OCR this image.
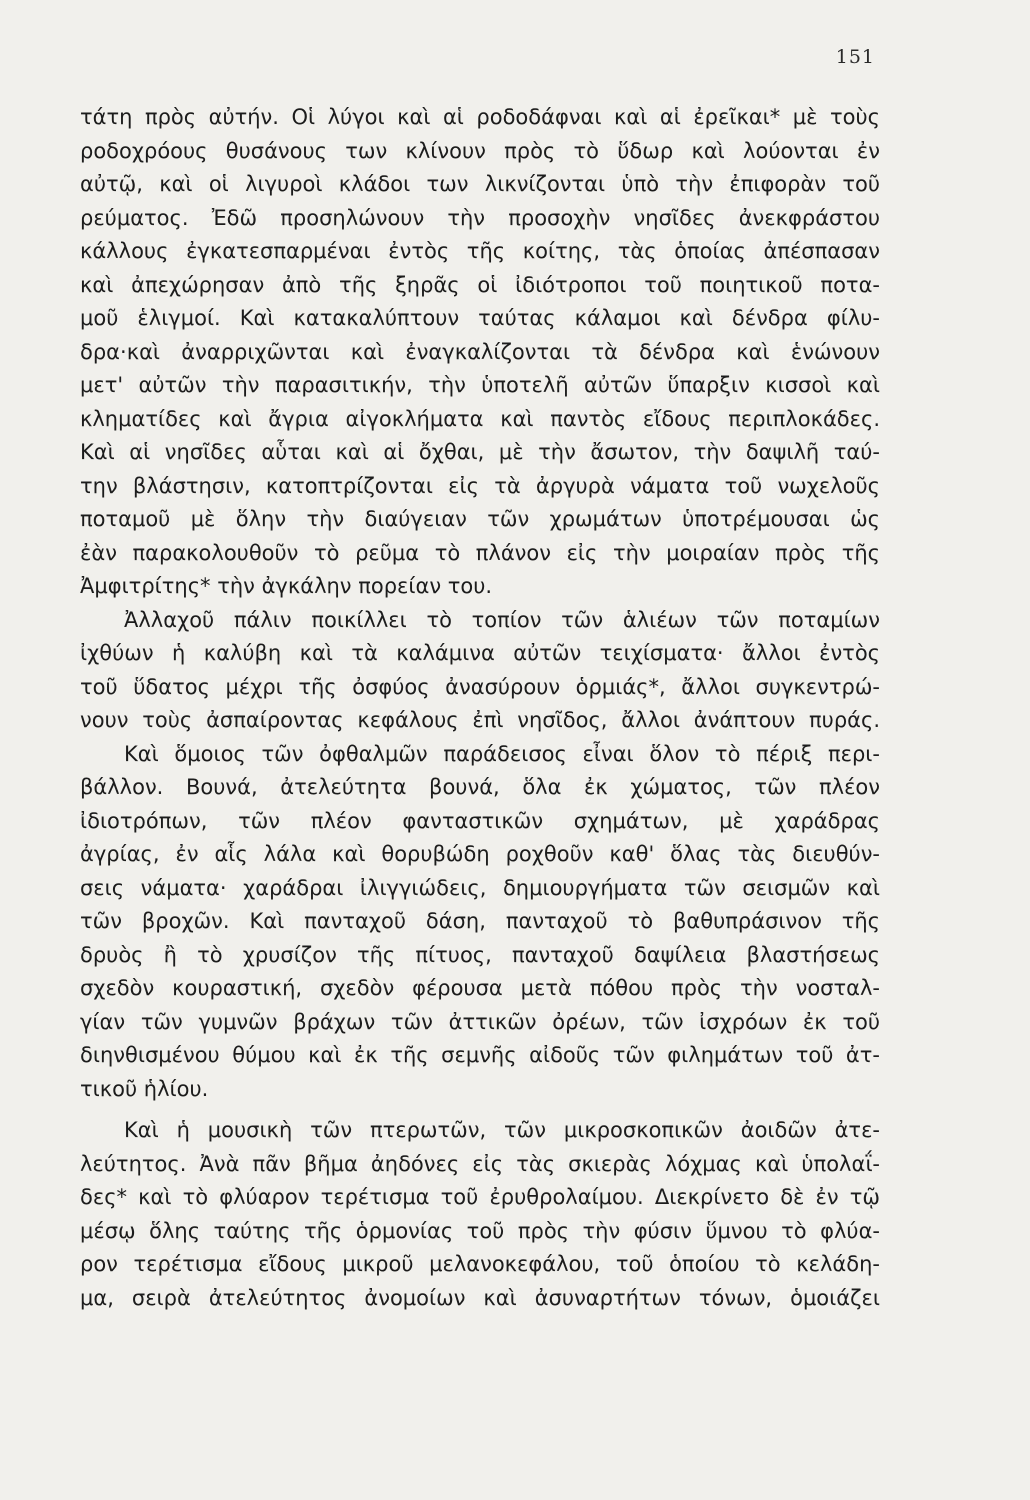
151
τάτη πρὸς αὐτήν. Οἱ λύγοι καὶ αἱ ροδοδάφναι καὶ αἱ ἐρεῖκαι* μὲ τοὺς
ροδοχρόους θυσάνους των κλίνουν πρὸς τὸ ὕδωρ καὶ λούονται ἐν
αὐτῷ, καὶ οἱ λιγυροὶ κλάδοι των λικνίζονται ὑπὸ τὴν ἐπιφορὰν τοῦ
ρεύματος. Ἐδῶ προσηλώνουν τὴν προσοχὴν νησῖδες ἀνεκφράστου
κάλλους ἐγκατεσπαρμέναι ἐντὸς τῆς κοίτης, τὰς ὁποίας ἀπέσπασαν
καὶ ἀπεχώρησαν ἀπὸ τῆς ξηρᾶς οἱ ἰδιότροποι τοῦ ποιητικοῦ ποτα-
μοῦ ἑλιγμοί. Καὶ κατακαλύπτουν ταύτας κάλαμοι καὶ δένδρα φίλυ-
δρα·καὶ ἀναρριχῶνται καὶ ἐναγκαλίζονται τὰ δένδρα καὶ ἑνώνουν
μετ' αὐτῶν τὴν παρασιτικήν, τὴν ὑποτελῆ αὐτῶν ὕπαρξιν κισσοὶ καὶ
κληματίδες καὶ ἄγρια αἰγοκλήματα καὶ παντὸς εἴδους περιπλοκάδες.
Καὶ αἱ νησῖδες αὗται καὶ αἱ ὄχθαι, μὲ τὴν ἄσωτον, τὴν δαψιλῆ ταύ-
την βλάστησιν, κατοπτρίζονται εἰς τὰ ἀργυρὰ νάματα τοῦ νωχελοῦς
ποταμοῦ μὲ ὅλην τὴν διαύγειαν τῶν χρωμάτων ὑποτρέμουσαι ὡς
ἐὰν παρακολουθοῦν τὸ ρεῦμα τὸ πλάνον εἰς τὴν μοιραίαν πρὸς τῆς
Ἀμφιτρίτης* τὴν ἀγκάλην πορείαν του.
Ἀλλαχοῦ πάλιν ποικίλλει τὸ τοπίον τῶν ἁλιέων τῶν ποταμίων
ἰχθύων ἡ καλύβη καὶ τὰ καλάμινα αὐτῶν τειχίσματα· ἄλλοι ἐντὸς
τοῦ ὕδατος μέχρι τῆς ὀσφύος ἀνασύρουν ὁρμιάς*, ἄλλοι συγκεντρώ-
νουν τοὺς ἀσπαίροντας κεφάλους ἐπὶ νησῖδος, ἄλλοι ἀνάπτουν πυράς.
Καὶ ὅμοιος τῶν ὀφθαλμῶν παράδεισος εἶναι ὅλον τὸ πέριξ περι-
βάλλον. Βουνά, ἀτελεύτητα βουνά, ὅλα ἐκ χώματος, τῶν πλέον
ἰδιοτρόπων, τῶν πλέον φανταστικῶν σχημάτων, μὲ χαράδρας
ἀγρίας, ἐν αἷς λάλα καὶ θορυβώδη ροχθοῦν καθ' ὅλας τὰς διευθύν-
σεις νάματα· χαράδραι ἰλιγγιώδεις, δημιουργήματα τῶν σεισμῶν καὶ
τῶν βροχῶν. Καὶ πανταχοῦ δάση, πανταχοῦ τὸ βαθυπράσινον τῆς
δρυὸς ἢ τὸ χρυσίζον τῆς πίτυος, πανταχοῦ δαψίλεια βλαστήσεως
σχεδὸν κουραστική, σχεδὸν φέρουσα μετὰ πόθου πρὸς τὴν νοσταλ-
γίαν τῶν γυμνῶν βράχων τῶν ἀττικῶν ὀρέων, τῶν ἰσχρόων ἐκ τοῦ
διηνθισμένου θύμου καὶ ἐκ τῆς σεμνῆς αἰδοῦς τῶν φιλημάτων τοῦ ἀτ-
τικοῦ ἡλίου.
Καὶ ἡ μουσικὴ τῶν πτερωτῶν, τῶν μικροσκοπικῶν ἀοιδῶν ἀτε-
λεύτητος. Ἀνὰ πᾶν βῆμα ἀηδόνες εἰς τὰς σκιερὰς λόχμας καὶ ὑπολαΐ-
δες* καὶ τὸ φλύαρον τερέτισμα τοῦ ἐρυθρολαίμου. Διεκρίνετο δὲ ἐν τῷ
μέσῳ ὅλης ταύτης τῆς ὁρμονίας τοῦ πρὸς τὴν φύσιν ὕμνου τὸ φλύα-
ρον τερέτισμα εἴδους μικροῦ μελανοκεφάλου, τοῦ ὁποίου τὸ κελάδη-
μα, σειρὰ ἀτελεύτητος ἀνομοίων καὶ ἀσυναρτήτων τόνων, ὁμοιάζει
